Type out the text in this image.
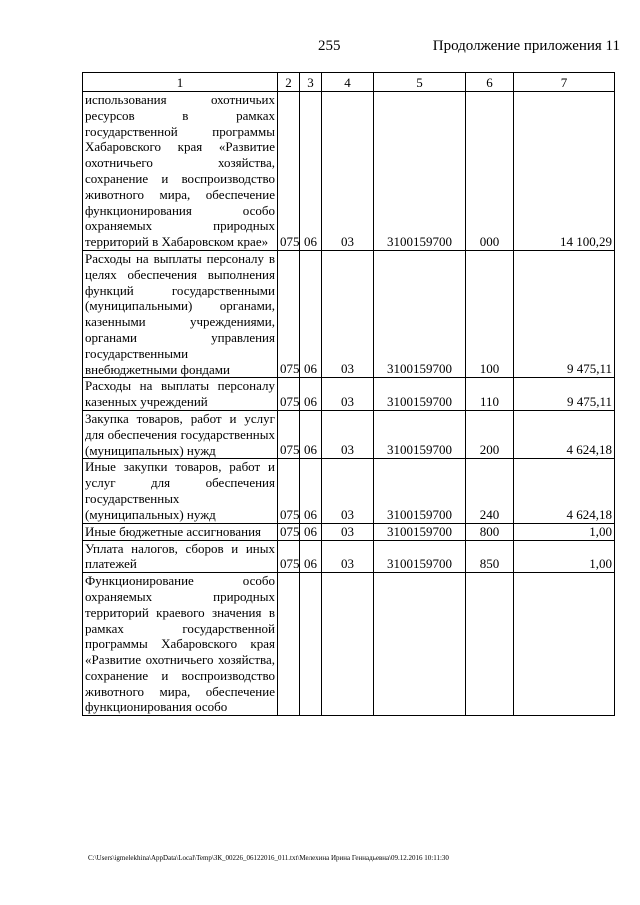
255	Продолжение приложения 11
1	2	3	4	5	6	7
использования охотничьих ресурсов в рамках государственной программы Хабаровского края «Развитие охотничьего хозяйства, сохранение и воспроизводство животного мира, обеспечение функционирования особо охраняемых природных территорий в Хабаровском крае»	075	06	03	3100159700	000	14 100,29
Расходы на выплаты персоналу в целях обеспечения выполнения функций государственными (муниципальными) органами, казенными учреждениями, органами управления государственными внебюджетными фондами	075	06	03	3100159700	100	9 475,11
Расходы на выплаты персоналу казенных учреждений	075	06	03	3100159700	110	9 475,11
Закупка товаров, работ и услуг для обеспечения государственных (муниципальных) нужд	075	06	03	3100159700	200	4 624,18
Иные закупки товаров, работ и услуг для обеспечения государственных (муниципальных) нужд	075	06	03	3100159700	240	4 624,18
Иные бюджетные ассигнования	075	06	03	3100159700	800	1,00
Уплата налогов, сборов и иных платежей	075	06	03	3100159700	850	1,00
Функционирование особо охраняемых природных территорий краевого значения в рамках государственной программы Хабаровского края «Развитие охотничьего хозяйства, сохранение и воспроизводство животного мира, обеспечение функционирования особо						
C:\Users\igmelekhina\AppData\Local\Temp\ЗК_00226_06122016_011.txt\Мелехина Ирина Геннадьевна\09.12.2016 10:11:30
